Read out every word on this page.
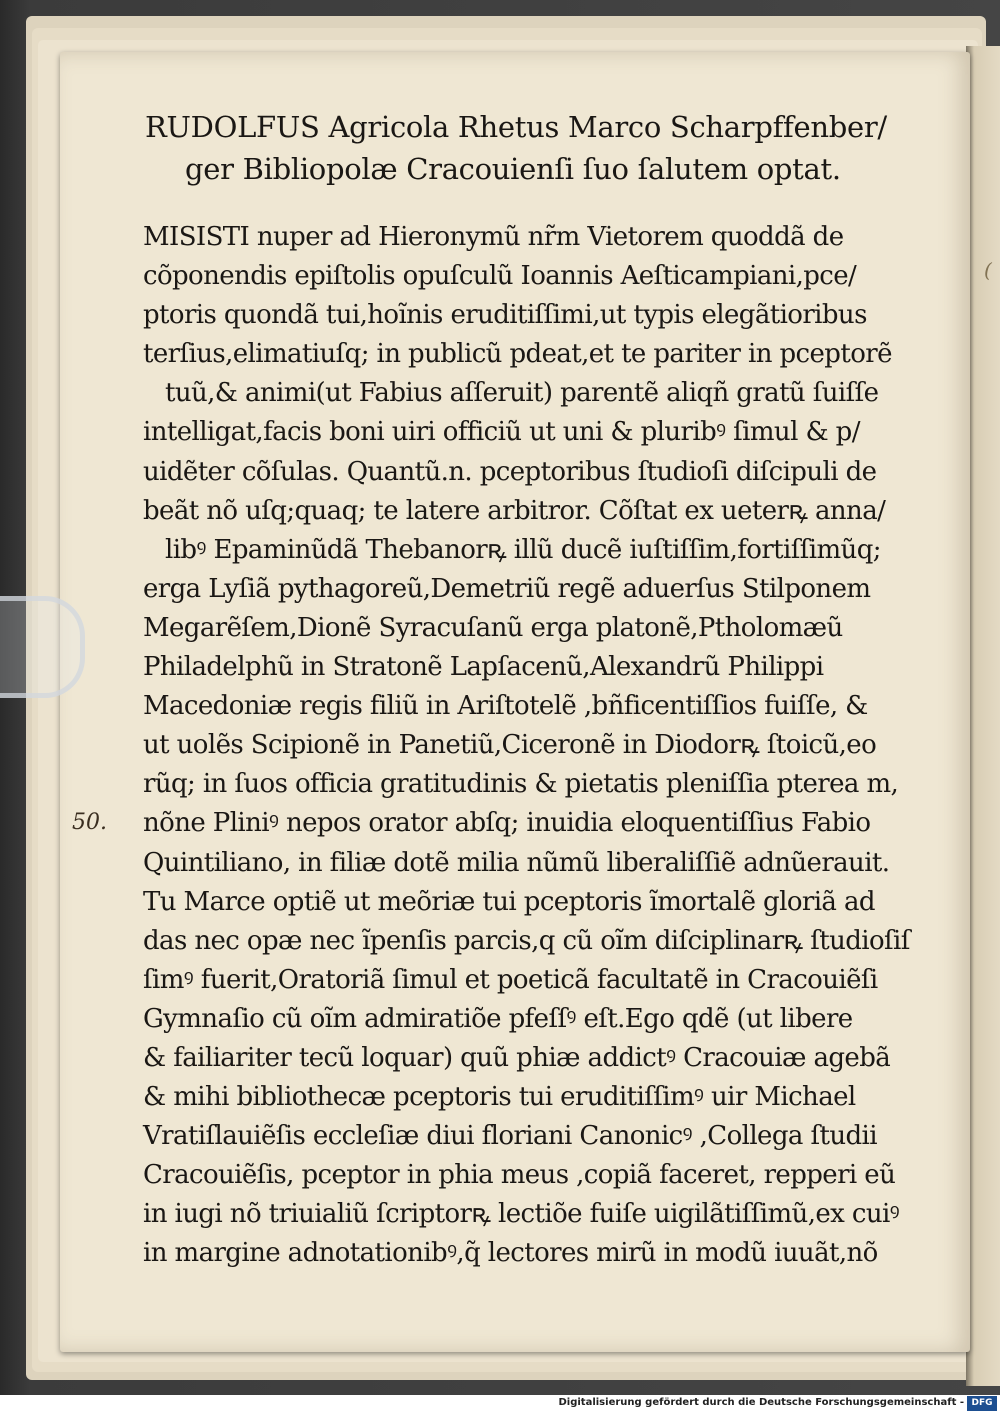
RUDOLFUS Agricola Rhetus Marco Scharpffenber/
ger Bibliopolæ Cracouienſi ſuo ſalutem optat.
MISISTI nuper ad Hieronymũ nr̃m Vietorem quoddã de
cõponendis epiſtolis opuſculũ Ioannis Aeſticampiani,pce/
ptoris quondã tui,hoĩnis eruditiſſimi,ut typis elegãtioribus
terſius,elimatiuſq; in publicũ pdeat,et te pariter in pceptorẽ
tuũ,& animi(ut Fabius aſſeruit) parentẽ aliqñ gratũ ſuiſſe
intelligat,facis boni uiri officiũ ut uni & pluribꝰ ſimul & p/
uidẽter cõſulas. Quantũ.n. pceptoribus ſtudioſi diſcipuli de
beãt nõ uſq;quaq; te latere arbitror. Cõſtat ex ueterꝶ anna/
libꝰ Epaminũdã Thebanorꝶ illũ ducẽ iuſtiſſim,fortiſſimũq;
erga Lyſiã pythagoreũ,Demetriũ regẽ aduerſus Stilponem
Megarẽſem,Dionẽ Syracuſanũ erga platonẽ,Ptholomæũ
Philadelphũ in Stratonẽ Lapſacenũ,Alexandrũ Philippi
Macedoniæ regis filiũ in Ariſtotelẽ ,bñficentiſſios fuiſſe, &
ut uolẽs Scipionẽ in Panetiũ,Ciceronẽ in Diodorꝶ ſtoicũ,eo
rũq; in ſuos officia gratitudinis & pietatis pleniſſia pterea m,
nõne Pliniꝰ nepos orator abſq; inuidia eloquentiſſius Fabio
Quintiliano, in filiæ dotẽ milia nũmũ liberaliſſiẽ adnũerauit.
Tu Marce optiẽ ut meõriæ tui pceptoris ĩmortalẽ gloriã ad
das nec opæ nec ĩpenſis parcis,q cũ oĩm diſciplinarꝶ ſtudioſiſ
ſimꝰ fuerit,Oratoriã ſimul et poeticã facultatẽ in Cracouiẽſi
Gymnaſio cũ oĩm admiratiõe pfeſſꝰ eſt.Ego qdẽ (ut libere
& failiariter tecũ loquar) quũ phiæ addictꝰ Cracouiæ agebã
& mihi bibliothecæ pceptoris tui eruditiſſimꝰ uir Michael
Vratiſlauiẽſis eccleſiæ diui floriani Canonicꝰ ,Collega ſtudii
Cracouiẽſis, pceptor in phia meus ,copiã faceret, repperi eũ
in iugi nõ triuialiũ ſcriptorꝶ lectiõe fuiſe uigilãtiſſimũ,ex cuiꝰ
in margine adnotationibꝰ,q̃ lectores mirũ in modũ iuuãt,nõ
50.
(
Digitalisierung gefördert durch die Deutsche Forschungsgemeinschaft - DFG
